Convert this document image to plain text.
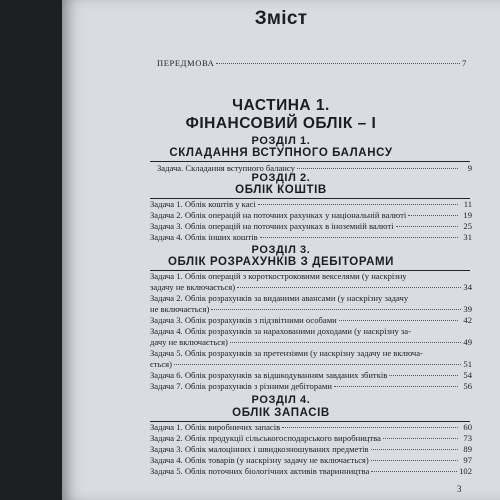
Зміст
ПЕРЕДМОВА	7
ЧАСТИНА 1.
ФІНАНСОВИЙ ОБЛІК – І
РОЗДІЛ 1.
СКЛАДАННЯ ВСТУПНОГО БАЛАНСУ
Задача. Складання вступного балансу	9
РОЗДІЛ 2.
ОБЛІК КОШТІВ
Задача 1. Облік коштів у касі	11
Задача 2. Облік операцій на поточних рахунках у національній валюті	19
Задача 3. Облік операцій на поточних рахунках в іноземній валюті	25
Задача 4. Облік інших коштів	31
РОЗДІЛ 3.
ОБЛІК РОЗРАХУНКІВ З ДЕБІТОРАМИ
Задача 1. Облік операцій з короткостроковими векселями (у наскрізну
задачу не включається)	34
Задача 2. Облік розрахунків за виданими авансами (у наскрізну задачу
не включається)	39
Задача 3. Облік розрахунків з підзвітними особами	42
Задача 4. Облік розрахунків за нарахованими доходами (у наскрізну за-
дачу не включається)	49
Задача 5. Облік розрахунків за претензіями (у наскрізну задачу не включа-
ється)	51
Задача 6. Облік розрахунків за відшкодуванням завданих збитків	54
Задача 7. Облік розрахунків з різними дебіторами	56
РОЗДІЛ 4.
ОБЛІК ЗАПАСІВ
Задача 1. Облік виробничих запасів	60
Задача 2. Облік продукції сільськогосподарського виробництва	73
Задача 3. Облік малоцінних і швидкозношуваних предметів	89
Задача 4. Облік товарів (у наскрізну задачу не включається)	97
Задача 5. Облік поточних біологічних активів тваринництва	102
3
